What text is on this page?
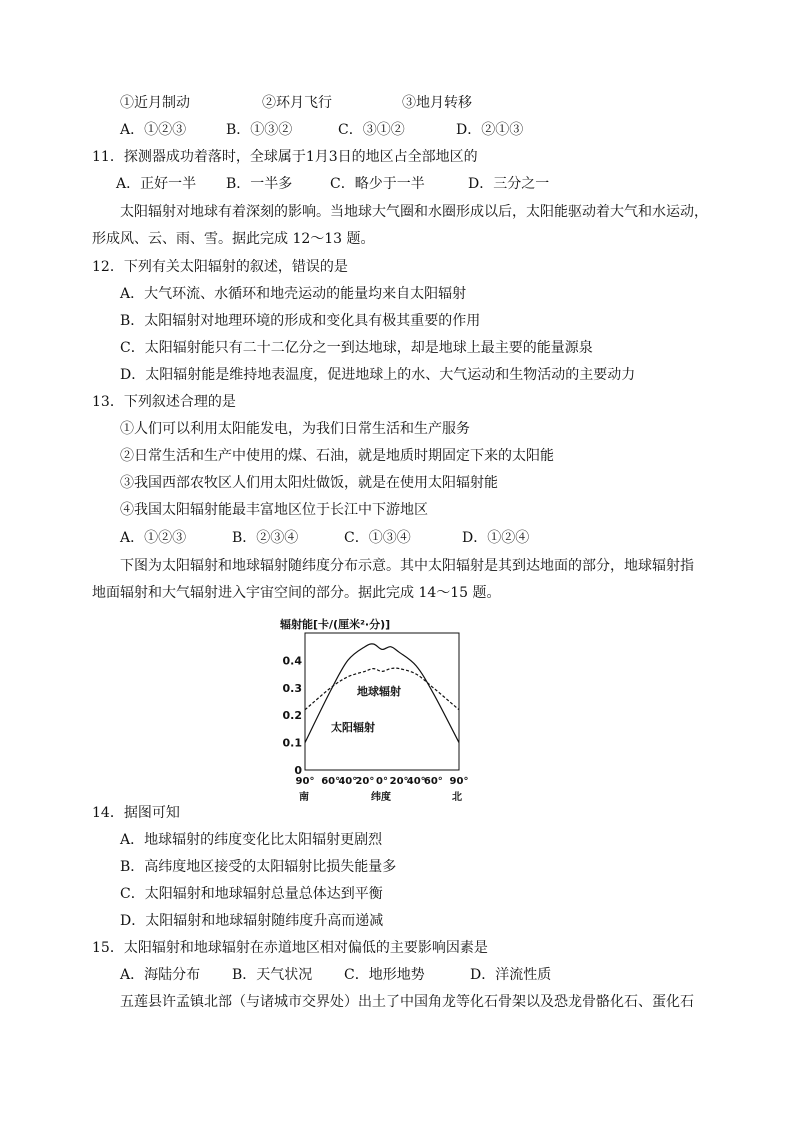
①近月制动	②环月飞行	③地月转移
A．①②③	B．①③②	C．③①②	D．②①③
11．探测器成功着落时，全球属于1月3日的地区占全部地区的
A．正好一半 B．一半多	C．略少于一半	D．三分之一
太阳辐射对地球有着深刻的影响。当地球大气圈和水圈形成以后，太阳能驱动着大气和水运动，
形成风、云、雨、雪。据此完成 12～13 题。
12．下列有关太阳辐射的叙述，错误的是
A．大气环流、水循环和地壳运动的能量均来自太阳辐射
B．太阳辐射对地理环境的形成和变化具有极其重要的作用
C．太阳辐射能只有二十二亿分之一到达地球，却是地球上最主要的能量源泉
D．太阳辐射能是维持地表温度，促进地球上的水、大气运动和生物活动的主要动力
13．下列叙述合理的是
①人们可以利用太阳能发电，为我们日常生活和生产服务
②日常生活和生产中使用的煤、石油，就是地质时期固定下来的太阳能
③我国西部农牧区人们用太阳灶做饭，就是在使用太阳辐射能
④我国太阳辐射能最丰富地区位于长江中下游地区
A．①②③	B．②③④	C．①③④	D．①②④
下图为太阳辐射和地球辐射随纬度分布示意。其中太阳辐射是其到达地面的部分，地球辐射指
地面辐射和大气辐射进入宇宙空间的部分。据此完成 14～15 题。
辐射能[卡/(厘米²·分)]
0
0.1
0.2
0.3
0.4
90° 60°
40°
20° 0° 20°
40°
60° 90°
地球辐射
太阳辐射
南	北
纬度
14．据图可知
A．地球辐射的纬度变化比太阳辐射更剧烈
B．高纬度地区接受的太阳辐射比损失能量多
C．太阳辐射和地球辐射总量总体达到平衡
D．太阳辐射和地球辐射随纬度升高而递减
15．太阳辐射和地球辐射在赤道地区相对偏低的主要影响因素是
A．海陆分布 B．天气状况 C．地形地势	D．洋流性质
五莲县许孟镇北部（与诸城市交界处）出土了中国角龙等化石骨架以及恐龙骨骼化石、蛋化石
